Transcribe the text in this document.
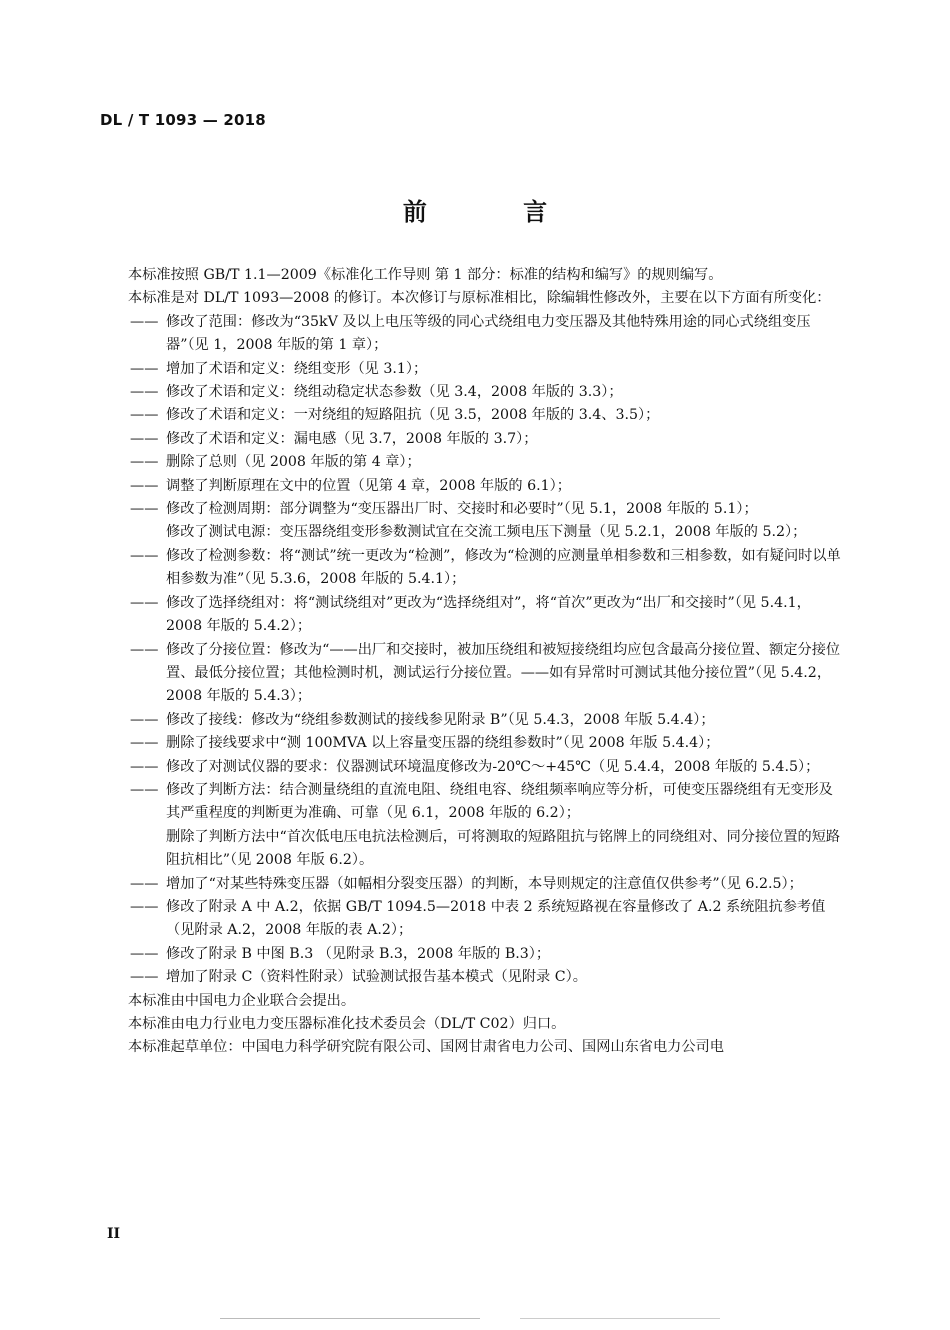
DL / T 1093 — 2018
前 言

本标准按照 GB/T 1.1—2009《标准化工作导则 第 1 部分：标准的结构和编写》的规则编写。

本标准是对 DL/T 1093—2008 的修订。本次修订与原标准相比，除编辑性修改外，主要在以下方面有所变化：

—— 修改了范围：修改为“35kV 及以上电压等级的同心式绕组电力变压器及其他特殊用途的同心式绕组变压器”（见 1，2008 年版的第 1 章）；
—— 增加了术语和定义：绕组变形（见 3.1）；
—— 修改了术语和定义：绕组动稳定状态参数（见 3.4，2008 年版的 3.3）；
—— 修改了术语和定义：一对绕组的短路阻抗（见 3.5，2008 年版的 3.4、3.5）；
—— 修改了术语和定义：漏电感（见 3.7，2008 年版的 3.7）；
—— 删除了总则（见 2008 年版的第 4 章）；
—— 调整了判断原理在文中的位置（见第 4 章，2008 年版的 6.1）；
—— 修改了检测周期：部分调整为“变压器出厂时、交接时和必要时”（见 5.1，2008 年版的 5.1）；
修改了测试电源：变压器绕组变形参数测试宜在交流工频电压下测量（见 5.2.1，2008 年版的 5.2）；
—— 修改了检测参数：将“测试”统一更改为“检测”，修改为“检测的应测量单相参数和三相参数，如有疑问时以单相参数为准”（见 5.3.6，2008 年版的 5.4.1）；
—— 修改了选择绕组对：将“测试绕组对”更改为“选择绕组对”，将“首次”更改为“出厂和交接时”（见 5.4.1，2008 年版的 5.4.2）；
—— 修改了分接位置：修改为“——出厂和交接时，被加压绕组和被短接绕组均应包含最高分接位置、额定分接位置、最低分接位置；其他检测时机，测试运行分接位置。——如有异常时可测试其他分接位置”（见 5.4.2，2008 年版的 5.4.3）；
—— 修改了接线：修改为“绕组参数测试的接线参见附录 B”（见 5.4.3，2008 年版 5.4.4）；
—— 删除了接线要求中“测 100MVA 以上容量变压器的绕组参数时”（见 2008 年版 5.4.4）；
—— 修改了对测试仪器的要求：仪器测试环境温度修改为-20℃～+45℃（见 5.4.4，2008 年版的 5.4.5）；
—— 修改了判断方法：结合测量绕组的直流电阻、绕组电容、绕组频率响应等分析，可使变压器绕组有无变形及其严重程度的判断更为准确、可靠（见 6.1，2008 年版的 6.2）；
删除了判断方法中“首次低电压电抗法检测后，可将测取的短路阻抗与铭牌上的同绕组对、同分接位置的短路阻抗相比”（见 2008 年版 6.2）。
—— 增加了“对某些特殊变压器（如幅相分裂变压器）的判断，本导则规定的注意值仅供参考”（见 6.2.5）；
—— 修改了附录 A 中 A.2，依据 GB/T 1094.5—2018 中表 2 系统短路视在容量修改了 A.2 系统阻抗参考值（见附录 A.2，2008 年版的表 A.2）；
—— 修改了附录 B 中图 B.3 （见附录 B.3，2008 年版的 B.3）；
—— 增加了附录 C（资料性附录）试验测试报告基本模式（见附录 C）。

本标准由中国电力企业联合会提出。

本标准由电力行业电力变压器标准化技术委员会（DL/T C02）归口。

本标准起草单位：中国电力科学研究院有限公司、国网甘肃省电力公司、国网山东省电力公司电

II
